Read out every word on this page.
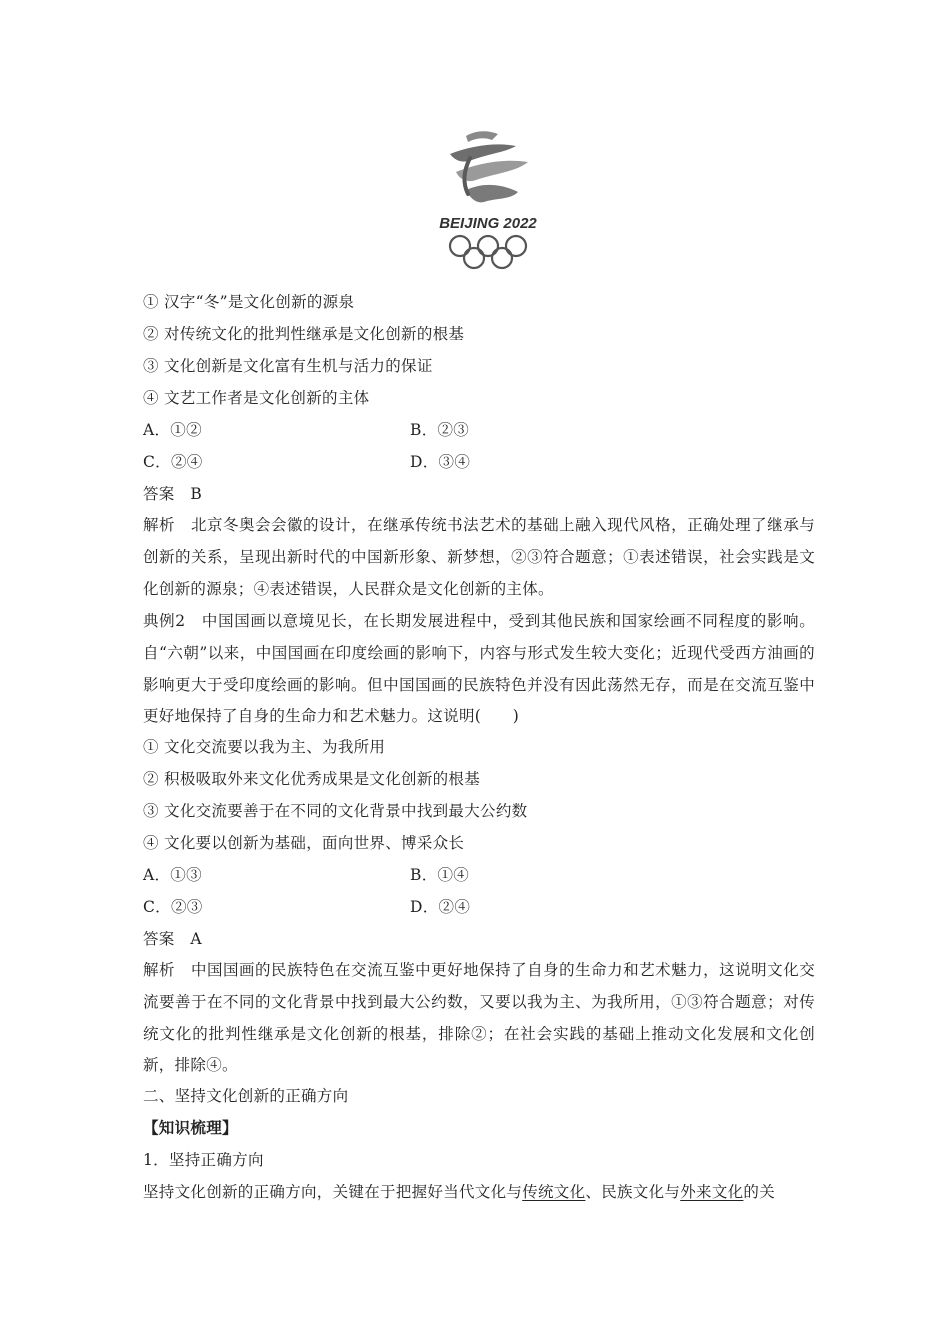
BEIJING 2022
① 汉字“冬”是文化创新的源泉
② 对传统文化的批判性继承是文化创新的根基
③ 文化创新是文化富有生机与活力的保证
④ 文艺工作者是文化创新的主体
A．①②	B．②③
C．②④	D．③④
答案　B
解析　北京冬奥会会徽的设计，在继承传统书法艺术的基础上融入现代风格，正确处理了继承与创新的关系，呈现出新时代的中国新形象、新梦想，②③符合题意；①表述错误，社会实践是文化创新的源泉；④表述错误，人民群众是文化创新的主体。
典例2　中国国画以意境见长，在长期发展进程中，受到其他民族和国家绘画不同程度的影响。自“六朝”以来，中国国画在印度绘画的影响下，内容与形式发生较大变化；近现代受西方油画的影响更大于受印度绘画的影响。但中国国画的民族特色并没有因此荡然无存，而是在交流互鉴中更好地保持了自身的生命力和艺术魅力。这说明(　　)
① 文化交流要以我为主、为我所用
② 积极吸取外来文化优秀成果是文化创新的根基
③ 文化交流要善于在不同的文化背景中找到最大公约数
④ 文化要以创新为基础，面向世界、博采众长
A．①③	B．①④
C．②③	D．②④
答案　A
解析　中国国画的民族特色在交流互鉴中更好地保持了自身的生命力和艺术魅力，这说明文化交流要善于在不同的文化背景中找到最大公约数，又要以我为主、为我所用，①③符合题意；对传统文化的批判性继承是文化创新的根基，排除②；在社会实践的基础上推动文化发展和文化创新，排除④。
二、坚持文化创新的正确方向
【知识梳理】
1．坚持正确方向
坚持文化创新的正确方向，关键在于把握好当代文化与传统文化、民族文化与外来文化的关
